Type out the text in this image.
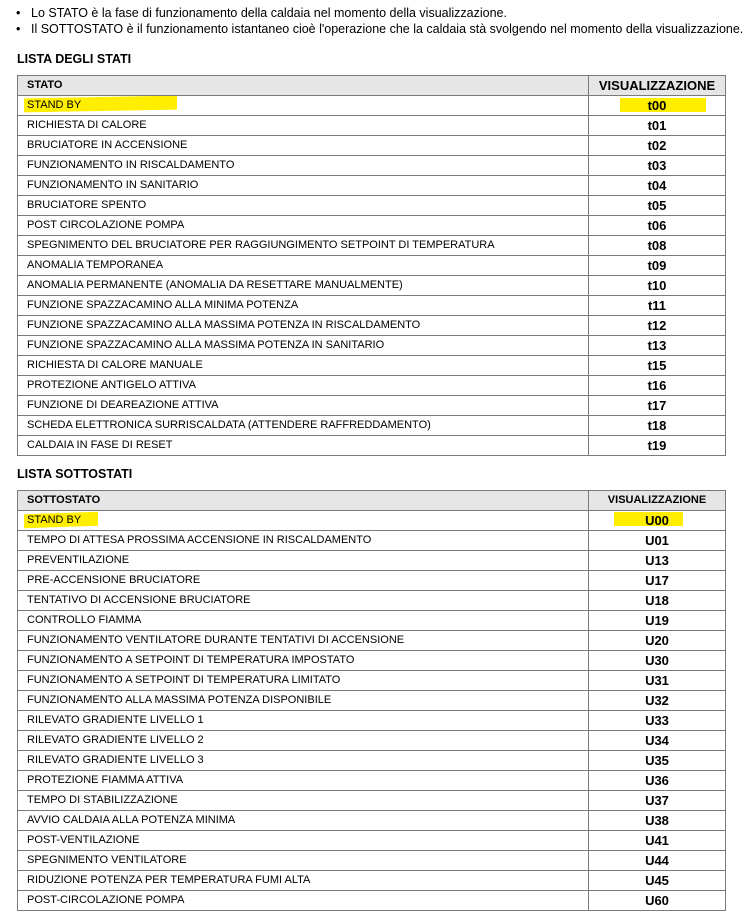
• Lo STATO è la fase di funzionamento della caldaia nel momento della visualizzazione.
• Il SOTTOSTATO è il funzionamento istantaneo cioè l'operazione che la caldaia stà svolgendo nel momento della visualizzazione.
LISTA DEGLI STATI
STATO	VISUALIZZAZIONE
STAND BY	t00
RICHIESTA DI CALORE	t01
BRUCIATORE IN ACCENSIONE	t02
FUNZIONAMENTO IN RISCALDAMENTO	t03
FUNZIONAMENTO IN SANITARIO	t04
BRUCIATORE SPENTO	t05
POST CIRCOLAZIONE POMPA	t06
SPEGNIMENTO DEL BRUCIATORE PER RAGGIUNGIMENTO SETPOINT DI TEMPERATURA	t08
ANOMALIA TEMPORANEA	t09
ANOMALIA PERMANENTE (ANOMALIA DA RESETTARE MANUALMENTE)	t10
FUNZIONE SPAZZACAMINO ALLA MINIMA POTENZA	t11
FUNZIONE SPAZZACAMINO ALLA MASSIMA POTENZA IN RISCALDAMENTO	t12
FUNZIONE SPAZZACAMINO ALLA MASSIMA POTENZA IN SANITARIO	t13
RICHIESTA DI CALORE MANUALE	t15
PROTEZIONE ANTIGELO ATTIVA	t16
FUNZIONE DI DEAREAZIONE ATTIVA	t17
SCHEDA ELETTRONICA SURRISCALDATA (ATTENDERE RAFFREDDAMENTO)	t18
CALDAIA IN FASE DI RESET	t19
LISTA SOTTOSTATI
SOTTOSTATO	VISUALIZZAZIONE
STAND BY	U00
TEMPO DI ATTESA PROSSIMA ACCENSIONE IN RISCALDAMENTO	U01
PREVENTILAZIONE	U13
PRE-ACCENSIONE BRUCIATORE	U17
TENTATIVO DI ACCENSIONE BRUCIATORE	U18
CONTROLLO FIAMMA	U19
FUNZIONAMENTO VENTILATORE DURANTE TENTATIVI DI ACCENSIONE	U20
FUNZIONAMENTO A SETPOINT DI TEMPERATURA IMPOSTATO	U30
FUNZIONAMENTO A SETPOINT DI TEMPERATURA LIMITATO	U31
FUNZIONAMENTO ALLA MASSIMA POTENZA DISPONIBILE	U32
RILEVATO GRADIENTE LIVELLO 1	U33
RILEVATO GRADIENTE LIVELLO 2	U34
RILEVATO GRADIENTE LIVELLO 3	U35
PROTEZIONE FIAMMA ATTIVA	U36
TEMPO DI STABILIZZAZIONE	U37
AVVIO CALDAIA ALLA POTENZA MINIMA	U38
POST-VENTILAZIONE	U41
SPEGNIMENTO VENTILATORE	U44
RIDUZIONE POTENZA PER TEMPERATURA FUMI ALTA	U45
POST-CIRCOLAZIONE POMPA	U60
